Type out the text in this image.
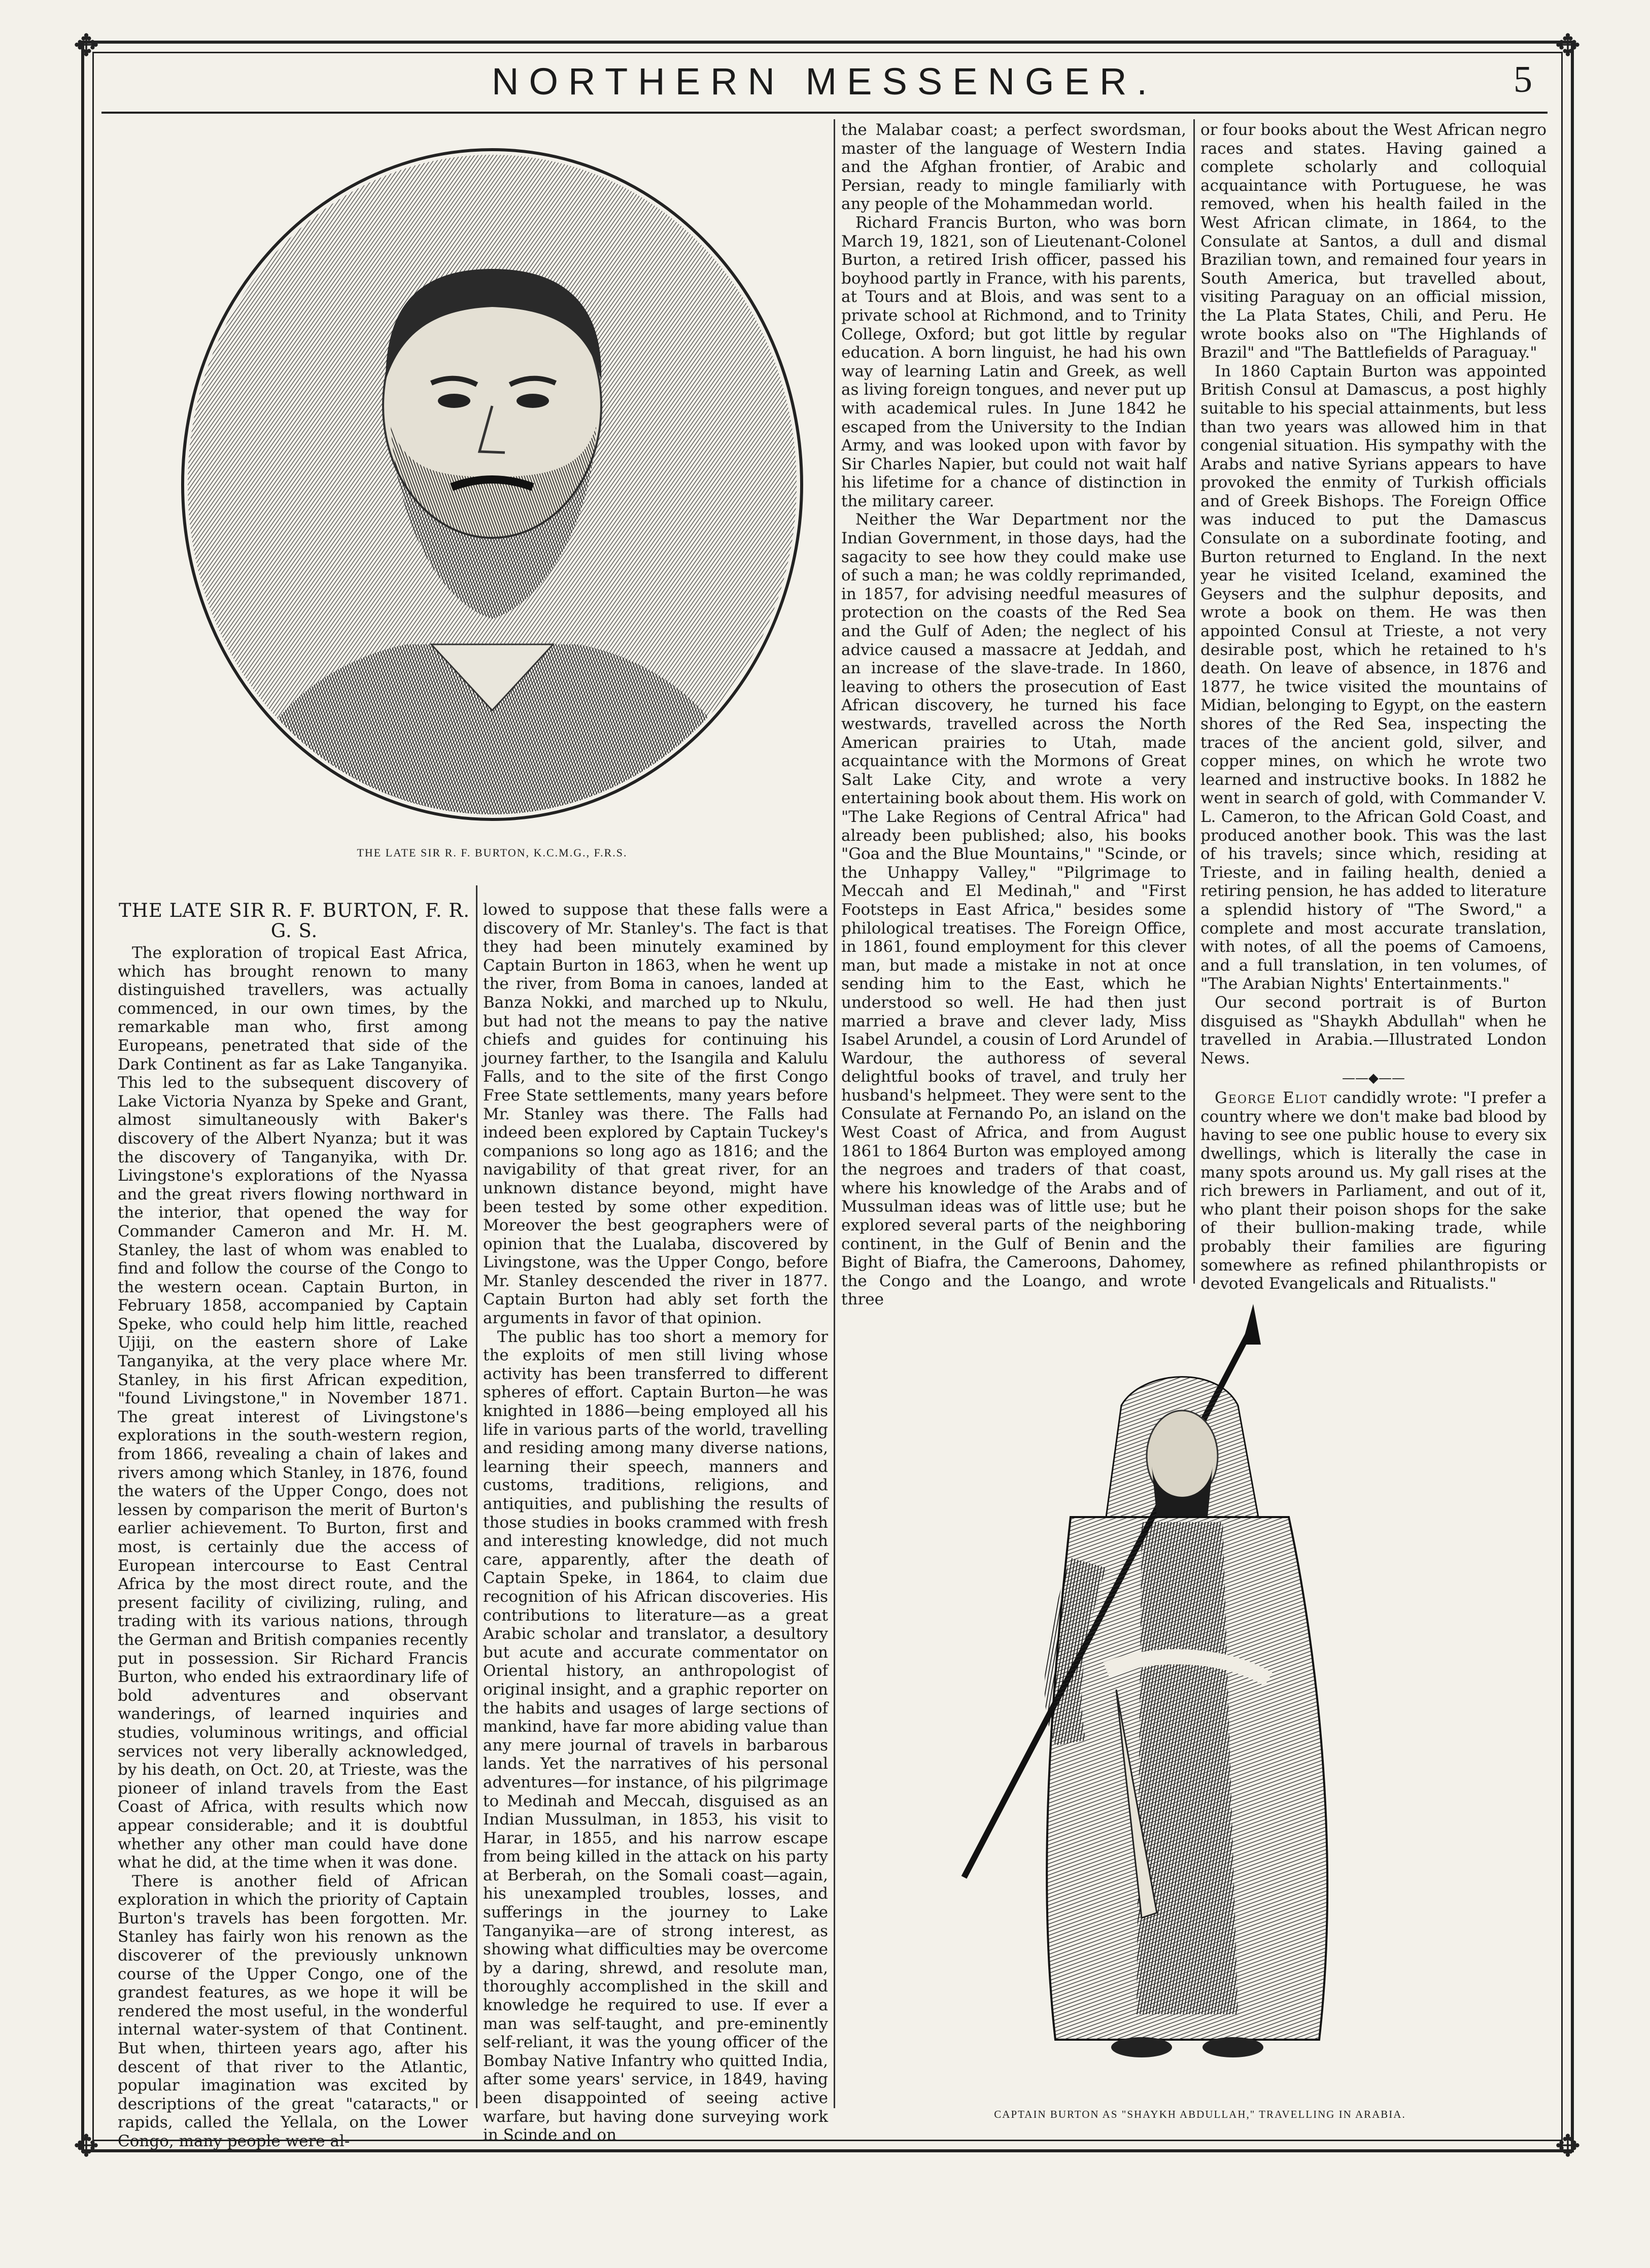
✥	✥
✥	✥
NORTHERN MESSENGER.	5
THE LATE SIR R. F. BURTON, K.C.M.G., F.R.S.
THE LATE SIR R. F. BURTON, F. R. G. S.

The exploration of tropical East Africa, which has brought renown to many distinguished travellers, was actually commenced, in our own times, by the remarkable man who, first among Europeans, penetrated that side of the Dark Continent as far as Lake Tanganyika. This led to the subsequent discovery of Lake Victoria Nyanza by Speke and Grant, almost simultaneously with Baker's discovery of the Albert Nyanza; but it was the discovery of Tanganyika, with Dr. Livingstone's explorations of the Nyassa and the great rivers flowing northward in the interior, that opened the way for Commander Cameron and Mr. H. M. Stanley, the last of whom was enabled to find and follow the course of the Congo to the western ocean. Captain Burton, in February 1858, accompanied by Captain Speke, who could help him little, reached Ujiji, on the eastern shore of Lake Tanganyika, at the very place where Mr. Stanley, in his first African expedition, "found Livingstone," in November 1871. The great interest of Livingstone's explorations in the south-western region, from 1866, revealing a chain of lakes and rivers among which Stanley, in 1876, found the waters of the Upper Congo, does not lessen by comparison the merit of Burton's earlier achievement. To Burton, first and most, is certainly due the access of European intercourse to East Central Africa by the most direct route, and the present facility of civilizing, ruling, and trading with its various nations, through the German and British companies recently put in possession. Sir Richard Francis Burton, who ended his extraordinary life of bold adventures and observant wanderings, of learned inquiries and studies, voluminous writings, and official services not very liberally acknowledged, by his death, on Oct. 20, at Trieste, was the pioneer of inland travels from the East Coast of Africa, with results which now appear considerable; and it is doubtful whether any other man could have done what he did, at the time when it was done.

There is another field of African exploration in which the priority of Captain Burton's travels has been forgotten. Mr. Stanley has fairly won his renown as the discoverer of the previously unknown course of the Upper Congo, one of the grandest features, as we hope it will be rendered the most useful, in the wonderful internal water-system of that Continent. But when, thirteen years ago, after his descent of that river to the Atlantic, popular imagination was excited by descriptions of the great "cataracts," or rapids, called the Yellala, on the Lower Congo, many people were al-

lowed to suppose that these falls were a discovery of Mr. Stanley's. The fact is that they had been minutely examined by Captain Burton in 1863, when he went up the river, from Boma in canoes, landed at Banza Nokki, and marched up to Nkulu, but had not the means to pay the native chiefs and guides for continuing his journey farther, to the Isangila and Kalulu Falls, and to the site of the first Congo Free State settlements, many years before Mr. Stanley was there. The Falls had indeed been explored by Captain Tuckey's companions so long ago as 1816; and the navigability of that great river, for an unknown distance beyond, might have been tested by some other expedition. Moreover the best geographers were of opinion that the Lualaba, discovered by Livingstone, was the Upper Congo, before Mr. Stanley descended the river in 1877. Captain Burton had ably set forth the arguments in favor of that opinion.

The public has too short a memory for the exploits of men still living whose activity has been transferred to different spheres of effort. Captain Burton—he was knighted in 1886—being employed all his life in various parts of the world, travelling and residing among many diverse nations, learning their speech, manners and customs, traditions, religions, and antiquities, and publishing the results of those studies in books crammed with fresh and interesting knowledge, did not much care, apparently, after the death of Captain Speke, in 1864, to claim due recognition of his African discoveries. His contributions to literature—as a great Arabic scholar and translator, a desultory but acute and accurate commentator on Oriental history, an anthropologist of original insight, and a graphic reporter on the habits and usages of large sections of mankind, have far more abiding value than any mere journal of travels in barbarous lands. Yet the narratives of his personal adventures—for instance, of his pilgrimage to Medinah and Meccah, disguised as an Indian Mussulman, in 1853, his visit to Harar, in 1855, and his narrow escape from being killed in the attack on his party at Berberah, on the Somali coast—again, his unexampled troubles, losses, and sufferings in the journey to Lake Tanganyika—are of strong interest, as showing what difficulties may be overcome by a daring, shrewd, and resolute man, thoroughly accomplished in the skill and knowledge he required to use. If ever a man was self-taught, and pre-eminently self-reliant, it was the young officer of the Bombay Native Infantry who quitted India, after some years' service, in 1849, having been disappointed of seeing active warfare, but having done surveying work in Scinde and on

the Malabar coast; a perfect swordsman, master of the language of Western India and the Afghan frontier, of Arabic and Persian, ready to mingle familiarly with any people of the Mohammedan world.

Richard Francis Burton, who was born March 19, 1821, son of Lieutenant-Colonel Burton, a retired Irish officer, passed his boyhood partly in France, with his parents, at Tours and at Blois, and was sent to a private school at Richmond, and to Trinity College, Oxford; but got little by regular education. A born linguist, he had his own way of learning Latin and Greek, as well as living foreign tongues, and never put up with academical rules. In June 1842 he escaped from the University to the Indian Army, and was looked upon with favor by Sir Charles Napier, but could not wait half his lifetime for a chance of distinction in the military career.

Neither the War Department nor the Indian Government, in those days, had the sagacity to see how they could make use of such a man; he was coldly reprimanded, in 1857, for advising needful measures of protection on the coasts of the Red Sea and the Gulf of Aden; the neglect of his advice caused a massacre at Jeddah, and an increase of the slave-trade. In 1860, leaving to others the prosecution of East African discovery, he turned his face westwards, travelled across the North American prairies to Utah, made acquaintance with the Mormons of Great Salt Lake City, and wrote a very entertaining book about them. His work on "The Lake Regions of Central Africa" had already been published; also, his books "Goa and the Blue Mountains," "Scinde, or the Unhappy Valley," "Pilgrimage to Meccah and El Medinah," and "First Footsteps in East Africa," besides some philological treatises. The Foreign Office, in 1861, found employment for this clever man, but made a mistake in not at once sending him to the East, which he understood so well. He had then just married a brave and clever lady, Miss Isabel Arundel, a cousin of Lord Arundel of Wardour, the authoress of several delightful books of travel, and truly her husband's helpmeet. They were sent to the Consulate at Fernando Po, an island on the West Coast of Africa, and from August 1861 to 1864 Burton was employed among the negroes and traders of that coast, where his knowledge of the Arabs and of Mussulman ideas was of little use; but he explored several parts of the neighboring continent, in the Gulf of Benin and the Bight of Biafra, the Cameroons, Dahomey, the Congo and the Loango, and wrote three

or four books about the West African negro races and states. Having gained a complete scholarly and colloquial acquaintance with Portuguese, he was removed, when his health failed in the West African climate, in 1864, to the Consulate at Santos, a dull and dismal Brazilian town, and remained four years in South America, but travelled about, visiting Paraguay on an official mission, the La Plata States, Chili, and Peru. He wrote books also on "The Highlands of Brazil" and "The Battlefields of Paraguay."

In 1860 Captain Burton was appointed British Consul at Damascus, a post highly suitable to his special attainments, but less than two years was allowed him in that congenial situation. His sympathy with the Arabs and native Syrians appears to have provoked the enmity of Turkish officials and of Greek Bishops. The Foreign Office was induced to put the Damascus Consulate on a subordinate footing, and Burton returned to England. In the next year he visited Iceland, examined the Geysers and the sulphur deposits, and wrote a book on them. He was then appointed Consul at Trieste, a not very desirable post, which he retained to h's death. On leave of absence, in 1876 and 1877, he twice visited the mountains of Midian, belonging to Egypt, on the eastern shores of the Red Sea, inspecting the traces of the ancient gold, silver, and copper mines, on which he wrote two learned and instructive books. In 1882 he went in search of gold, with Commander V. L. Cameron, to the African Gold Coast, and produced another book. This was the last of his travels; since which, residing at Trieste, and in failing health, denied a retiring pension, he has added to literature a splendid history of "The Sword," a complete and most accurate translation, with notes, of all the poems of Camoens, and a full translation, in ten volumes, of "The Arabian Nights' Entertainments."

Our second portrait is of Burton disguised as "Shaykh Abdullah" when he travelled in Arabia.—Illustrated London News.

——◆——

George Eliot candidly wrote: "I prefer a country where we don't make bad blood by having to see one public house to every six dwellings, which is literally the case in many spots around us. My gall rises at the rich brewers in Parliament, and out of it, who plant their poison shops for the sake of their bullion-making trade, while probably their families are figuring somewhere as refined philanthropists or devoted Evangelicals and Ritualists."

CAPTAIN BURTON AS "SHAYKH ABDULLAH," TRAVELLING IN ARABIA.
